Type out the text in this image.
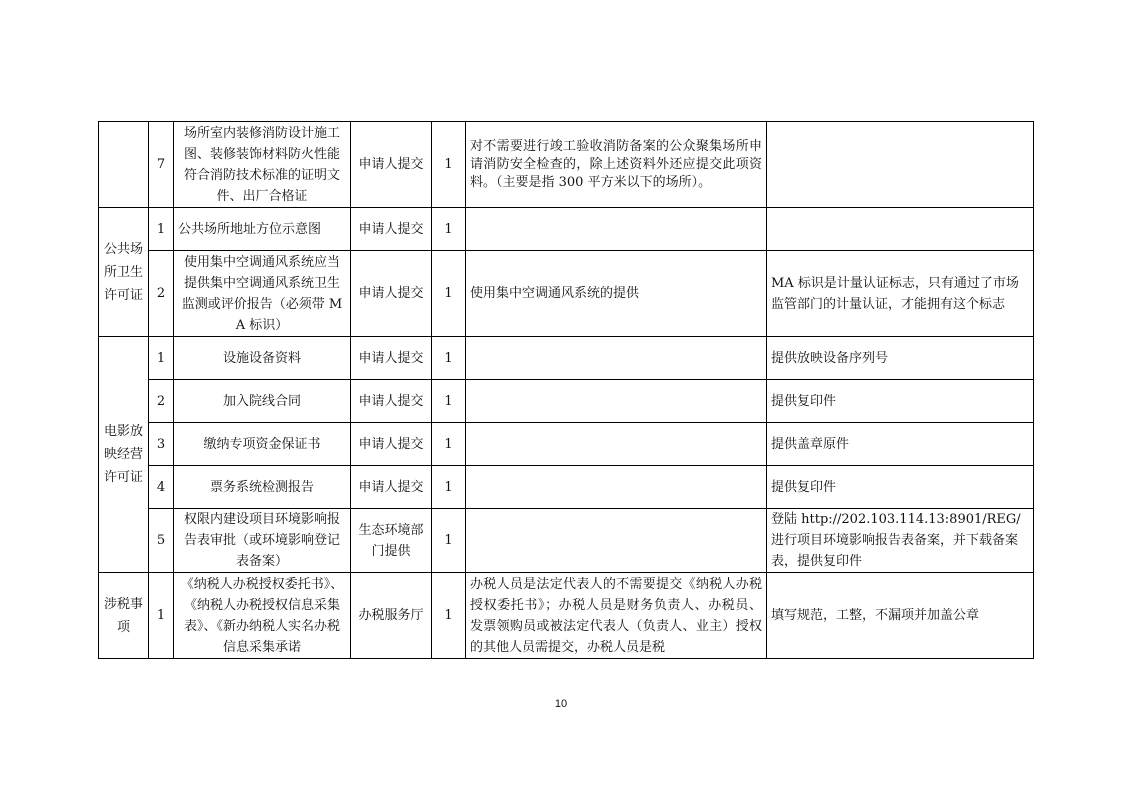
	7	场所室内装修消防设计施工图、装修装饰材料防火性能符合消防技术标准的证明文件、出厂合格证	申请人提交	1	对不需要进行竣工验收消防备案的公众聚集场所申请消防安全检查的，除上述资料外还应提交此项资料。（主要是指 300 平方米以下的场所）。	
公共场所卫生许可证	1	公共场所地址方位示意图	申请人提交	1		
	2	使用集中空调通风系统应当提供集中空调通风系统卫生监测或评价报告（必须带 MA 标识）	申请人提交	1	使用集中空调通风系统的提供	MA 标识是计量认证标志，只有通过了市场监管部门的计量认证，才能拥有这个标志
电影放映经营许可证	1	设施设备资料	申请人提交	1		提供放映设备序列号
	2	加入院线合同	申请人提交	1		提供复印件
	3	缴纳专项资金保证书	申请人提交	1		提供盖章原件
	4	票务系统检测报告	申请人提交	1		提供复印件
	5	权限内建设项目环境影响报告表审批（或环境影响登记表备案）	生态环境部门提供	1		登陆 http://202.103.114.13:8901/REG/进行项目环境影响报告表备案，并下载备案表，提供复印件
涉税事项	1	《纳税人办税授权委托书》、《纳税人办税授权信息采集表》、《新办纳税人实名办税信息采集承诺	办税服务厅	1	办税人员是法定代表人的不需要提交《纳税人办税授权委托书》；办税人员是财务负责人、办税员、发票领购员或被法定代表人（负责人、业主）授权的其他人员需提交，办税人员是税	填写规范，工整，不漏项并加盖公章
10
